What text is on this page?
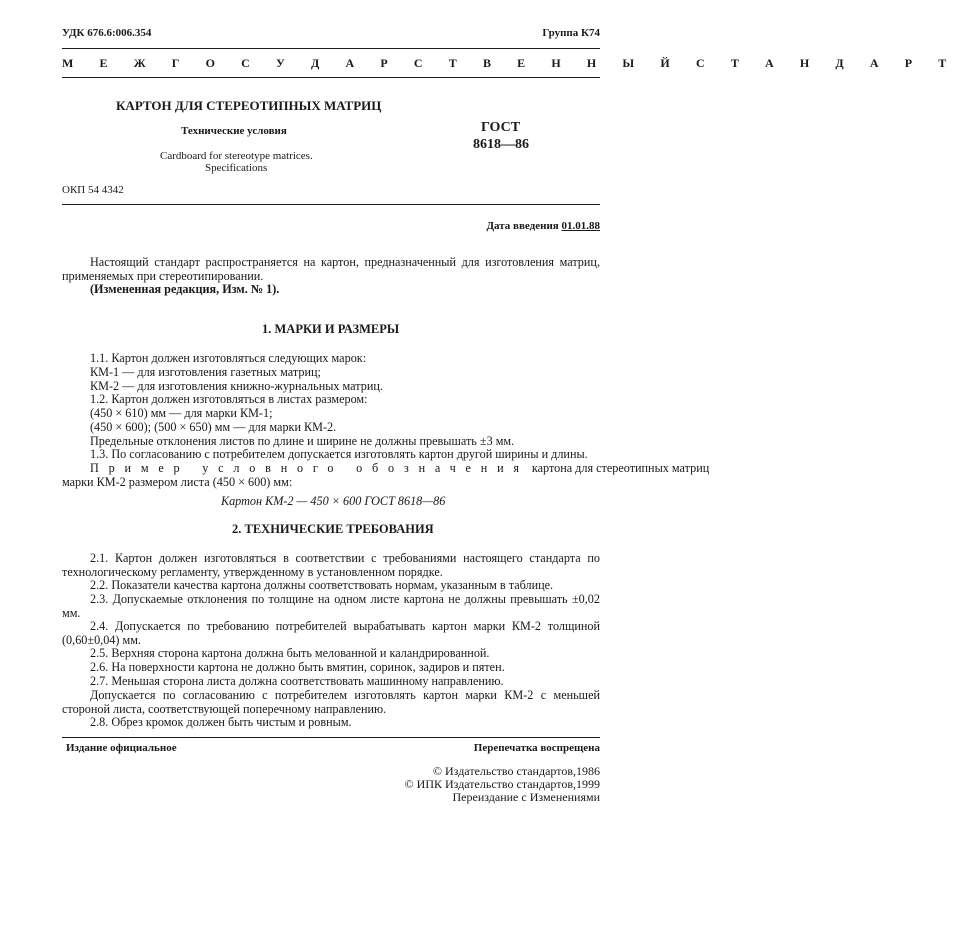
УДК 676.6:006.354	Группа К74
М Е Ж Г О С У Д А Р С Т В Е Н Н Ы Й С Т А Н Д А Р Т
КАРТОН ДЛЯ СТЕРЕОТИПНЫХ МАТРИЦ
Технические условия
Cardboard for stereotype matrices.
Specifications
ГОСТ
8618—86
ОКП 54 4342
Дата введения 01.01.88
Настоящий стандарт распространяется на картон, предназначенный для изготовления матриц, применяемых при стереотипировании.
(Измененная редакция, Изм. № 1).
1. МАРКИ И РАЗМЕРЫ
1.1. Картон должен изготовляться следующих марок:
КМ-1 — для изготовления газетных матриц;
КМ-2 — для изготовления книжно-журнальных матриц.
1.2. Картон должен изготовляться в листах размером:
(450 × 610) мм — для марки КМ-1;
(450 × 600); (500 × 650) мм — для марки КМ-2.
Предельные отклонения листов по длине и ширине не должны превышать ±3 мм.
1.3. По согласованию с потребителем допускается изготовлять картон другой ширины и длины.
Пример условного обозначения картона для стереотипных матриц
марки КМ-2 размером листа (450 × 600) мм:
Картон КМ-2 — 450 × 600 ГОСТ 8618—86
2. ТЕХНИЧЕСКИЕ ТРЕБОВАНИЯ
2.1. Картон должен изготовляться в соответствии с требованиями настоящего стандарта по технологическому регламенту, утвержденному в установленном порядке.
2.2. Показатели качества картона должны соответствовать нормам, указанным в таблице.
2.3. Допускаемые отклонения по толщине на одном листе картона не должны превышать ±0,02 мм.
2.4. Допускается по требованию потребителей вырабатывать картон марки КМ-2 толщиной (0,60±0,04) мм.
2.5. Верхняя сторона картона должна быть мелованной и каландрированной.
2.6. На поверхности картона не должно быть вмятин, соринок, задиров и пятен.
2.7. Меньшая сторона листа должна соответствовать машинному направлению.
Допускается по согласованию с потребителем изготовлять картон марки КМ-2 с меньшей стороной листа, соответствующей поперечному направлению.
2.8. Обрез кромок должен быть чистым и ровным.
Издание официальное	Перепечатка воспрещена
© Издательство стандартов,1986
© ИПК Издательство стандартов,1999
Переиздание с Изменениями
